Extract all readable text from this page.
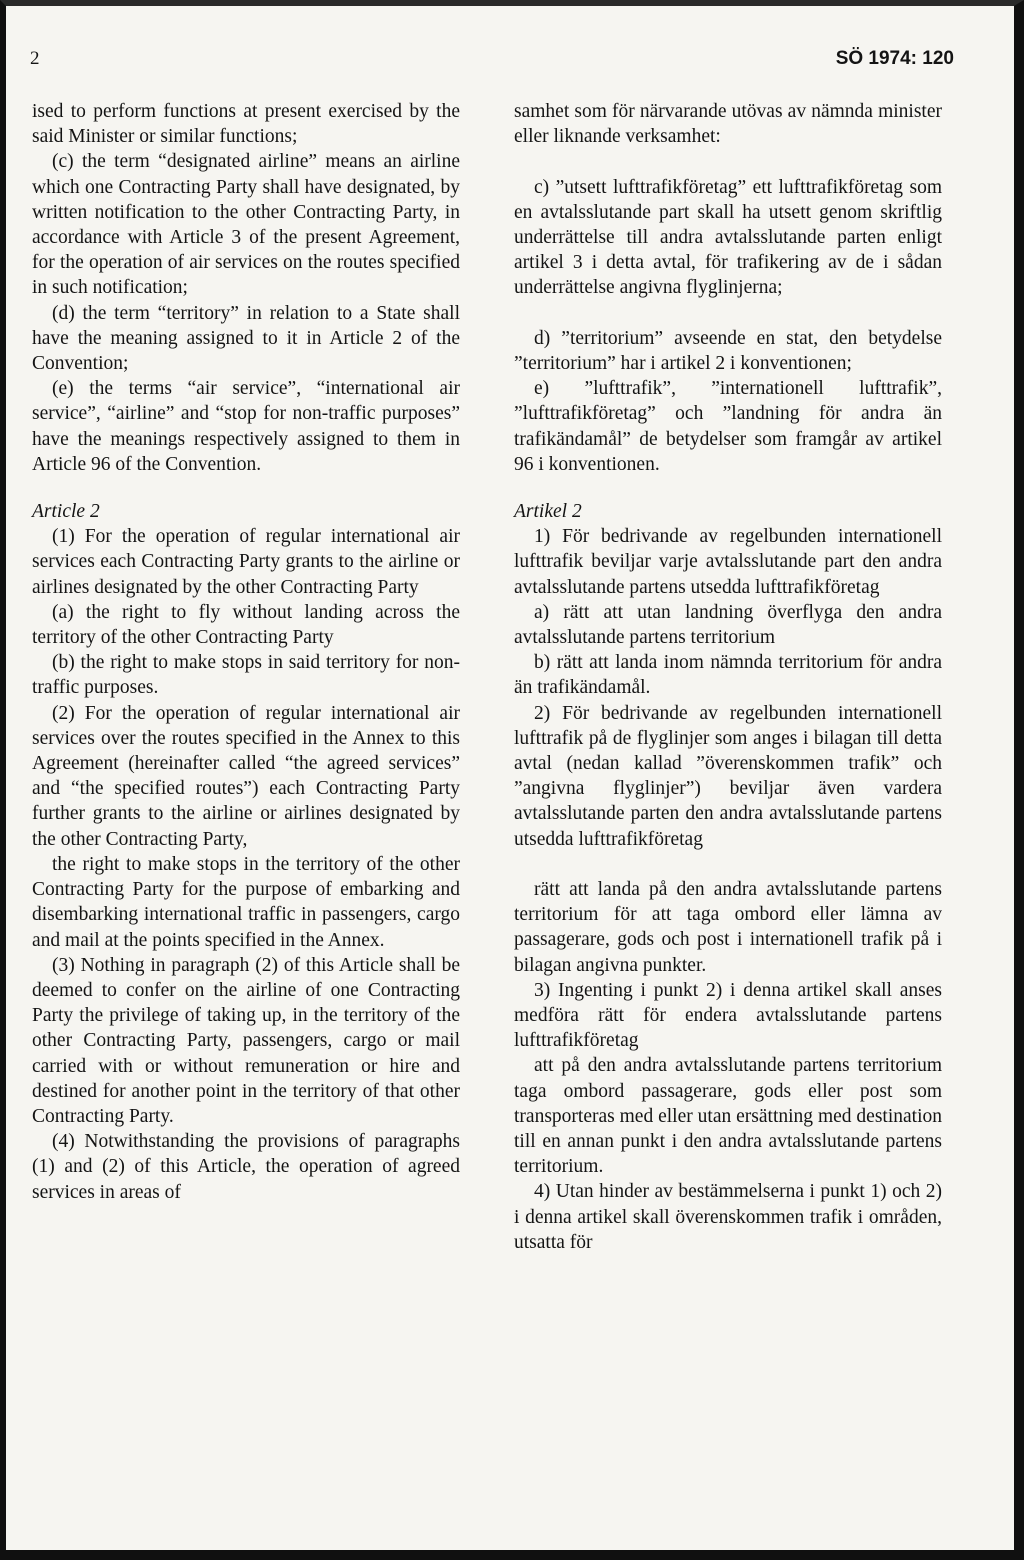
2	SÖ 1974: 120

ised to perform functions at present exercised by the said Minister or similar functions;

(c) the term “designated airline” means an airline which one Contracting Party shall have designated, by written notification to the other Contracting Party, in accordance with Article 3 of the present Agreement, for the operation of air services on the routes specified in such notification;

(d) the term “territory” in relation to a State shall have the meaning assigned to it in Article 2 of the Convention;

(e) the terms “air service”, “international air service”, “airline” and “stop for non-traffic purposes” have the meanings respectively assigned to them in Article 96 of the Convention.

Article 2

(1) For the operation of regular international air services each Contracting Party grants to the airline or airlines designated by the other Contracting Party

(a) the right to fly without landing across the territory of the other Contracting Party

(b) the right to make stops in said territory for non-traffic purposes.

(2) For the operation of regular international air services over the routes specified in the Annex to this Agreement (hereinafter called “the agreed services” and “the specified routes”) each Contracting Party further grants to the airline or airlines designated by the other Contracting Party,

the right to make stops in the territory of the other Contracting Party for the purpose of embarking and disembarking international traffic in passengers, cargo and mail at the points specified in the Annex.

(3) Nothing in paragraph (2) of this Article shall be deemed to confer on the airline of one Contracting Party the privilege of taking up, in the territory of the other Contracting Party, passengers, cargo or mail carried with or without remuneration or hire and destined for another point in the territory of that other Contracting Party.

(4) Notwithstanding the provisions of paragraphs (1) and (2) of this Article, the operation of agreed services in areas of

samhet som för närvarande utövas av nämnda minister eller liknande verksamhet:

c) ”utsett lufttrafikföretag” ett lufttrafikföretag som en avtalsslutande part skall ha utsett genom skriftlig underrättelse till andra avtalsslutande parten enligt artikel 3 i detta avtal, för trafikering av de i sådan underrättelse angivna flyglinjerna;

d) ”territorium” avseende en stat, den betydelse ”territorium” har i artikel 2 i konventionen;

e) ”lufttrafik”, ”internationell lufttrafik”, ”lufttrafikföretag” och ”landning för andra än trafikändamål” de betydelser som framgår av artikel 96 i konventionen.

Artikel 2

1) För bedrivande av regelbunden internationell lufttrafik beviljar varje avtalsslutande part den andra avtalsslutande partens utsedda lufttrafikföretag

a) rätt att utan landning överflyga den andra avtalsslutande partens territorium

b) rätt att landa inom nämnda territorium för andra än trafikändamål.

2) För bedrivande av regelbunden internationell lufttrafik på de flyglinjer som anges i bilagan till detta avtal (nedan kallad ”överenskommen trafik” och ”angivna flyglinjer”) beviljar även vardera avtalsslutande parten den andra avtalsslutande partens utsedda lufttrafikföretag

rätt att landa på den andra avtalsslutande partens territorium för att taga ombord eller lämna av passagerare, gods och post i internationell trafik på i bilagan angivna punkter.

3) Ingenting i punkt 2) i denna artikel skall anses medföra rätt för endera avtalsslutande partens lufttrafikföretag

att på den andra avtalsslutande partens territorium taga ombord passagerare, gods eller post som transporteras med eller utan ersättning med destination till en annan punkt i den andra avtalsslutande partens territorium.

4) Utan hinder av bestämmelserna i punkt 1) och 2) i denna artikel skall överenskommen trafik i områden, utsatta för
